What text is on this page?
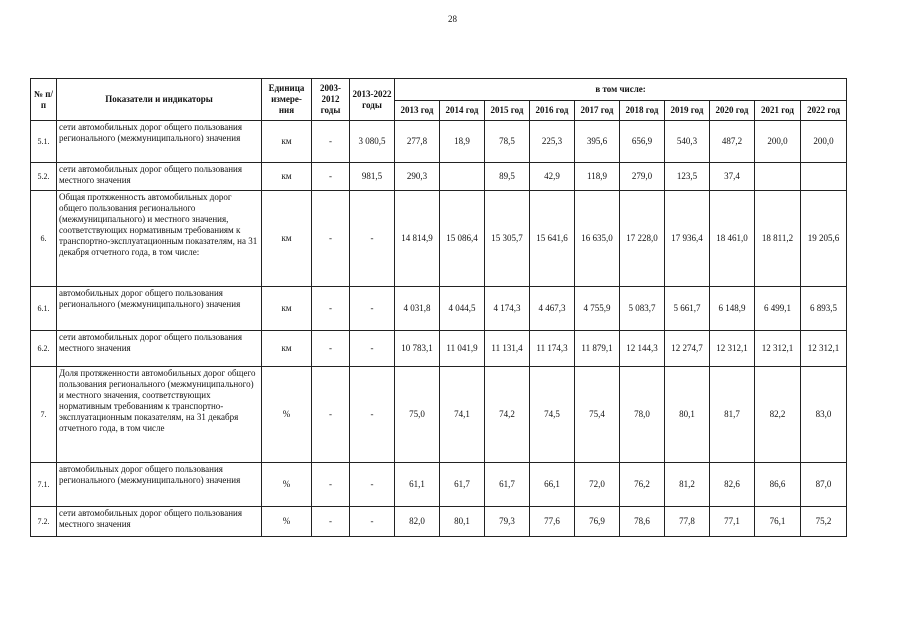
28
№ п/п	Показатели и индикаторы	Единица измере-ния	2003-2012 годы	2013-2022 годы	в том числе:									
					2013 год	2014 год	2015 год	2016 год	2017 год	2018 год	2019 год	2020 год	2021 год	2022 год
5.1.	сети автомобильных дорог общего пользования регионального (межмуниципального) значения	км	-	3 080,5	277,8	18,9	78,5	225,3	395,6	656,9	540,3	487,2	200,0	200,0
5.2.	сети автомобильных дорог общего пользования местного значения	км	-	981,5	290,3		89,5	42,9	118,9	279,0	123,5	37,4		
6.	Общая протяженность автомобильных дорог общего пользования регионального (межмуниципального) и местного значения, соответствующих нормативным требованиям к транспортно-эксплуатационным показателям, на 31 декабря отчетного года, в том числе:	км	-	-	14 814,9	15 086,4	15 305,7	15 641,6	16 635,0	17 228,0	17 936,4	18 461,0	18 811,2	19 205,6
6.1.	автомобильных дорог общего пользования регионального (межмуниципального) значения	км	-	-	4 031,8	4 044,5	4 174,3	4 467,3	4 755,9	5 083,7	5 661,7	6 148,9	6 499,1	6 893,5
6.2.	сети автомобильных дорог общего пользования местного значения	км	-	-	10 783,1	11 041,9	11 131,4	11 174,3	11 879,1	12 144,3	12 274,7	12 312,1	12 312,1	12 312,1
7.	Доля протяженности автомобильных дорог общего пользования регионального (межмуниципального) и местного значения, соответствующих нормативным требованиям к транспортно-эксплуатационным показателям, на 31 декабря отчетного года, в том числе	%	-	-	75,0	74,1	74,2	74,5	75,4	78,0	80,1	81,7	82,2	83,0
7.1.	автомобильных дорог общего пользования регионального (межмуниципального) значения	%	-	-	61,1	61,7	61,7	66,1	72,0	76,2	81,2	82,6	86,6	87,0
7.2.	сети автомобильных дорог общего пользования местного значения	%	-	-	82,0	80,1	79,3	77,6	76,9	78,6	77,8	77,1	76,1	75,2
